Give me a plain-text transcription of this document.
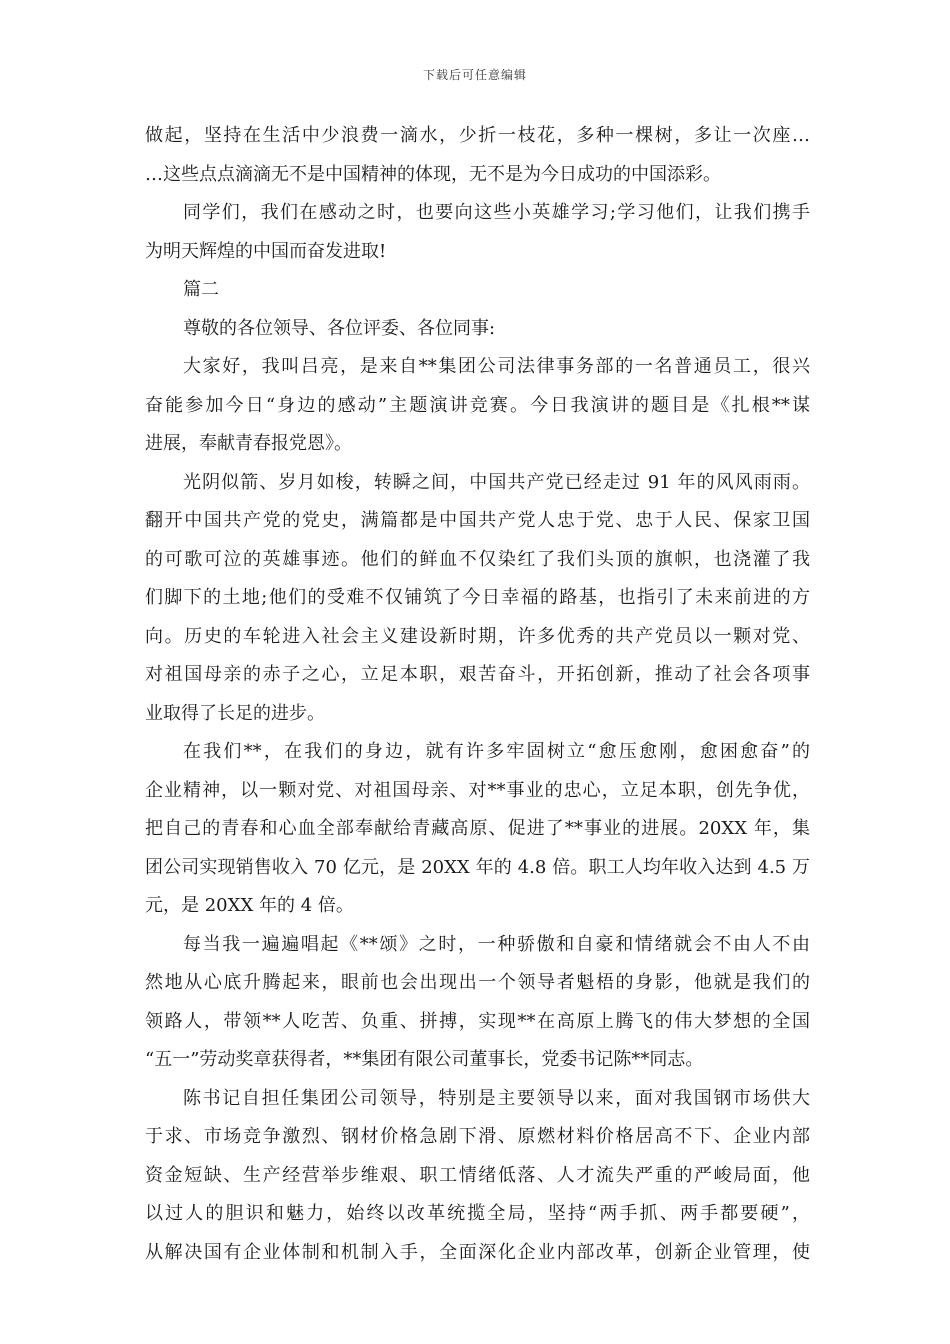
下载后可任意编辑
做起，坚持在生活中少浪费一滴水，少折一枝花，多种一棵树，多让一次座…
…这些点点滴滴无不是中国精神的体现，无不是为今日成功的中国添彩。
同学们，我们在感动之时，也要向这些小英雄学习;学习他们，让我们携手
为明天辉煌的中国而奋发进取!
篇二
尊敬的各位领导、各位评委、各位同事:
大家好，我叫吕亮，是来自**集团公司法律事务部的一名普通员工，很兴
奋能参加今日“身边的感动”主题演讲竞赛。今日我演讲的题目是《扎根**谋
进展，奉献青春报党恩》。
光阴似箭、岁月如梭，转瞬之间，中国共产党已经走过 91 年的风风雨雨。
翻开中国共产党的党史，满篇都是中国共产党人忠于党、忠于人民、保家卫国
的可歌可泣的英雄事迹。他们的鲜血不仅染红了我们头顶的旗帜，也浇灌了我
们脚下的土地;他们的受难不仅铺筑了今日幸福的路基，也指引了未来前进的方
向。历史的车轮进入社会主义建设新时期，许多优秀的共产党员以一颗对党、
对祖国母亲的赤子之心，立足本职，艰苦奋斗，开拓创新，推动了社会各项事
业取得了长足的进步。
在我们**，在我们的身边，就有许多牢固树立“愈压愈刚，愈困愈奋”的
企业精神，以一颗对党、对祖国母亲、对**事业的忠心，立足本职，创先争优，
把自己的青春和心血全部奉献给青藏高原、促进了**事业的进展。20XX 年，集
团公司实现销售收入 70 亿元，是 20XX 年的 4.8 倍。职工人均年收入达到 4.5 万
元，是 20XX 年的 4 倍。
每当我一遍遍唱起《**颂》之时，一种骄傲和自豪和情绪就会不由人不由
然地从心底升腾起来，眼前也会出现出一个领导者魁梧的身影，他就是我们的
领路人，带领**人吃苦、负重、拼搏，实现**在高原上腾飞的伟大梦想的全国
“五一”劳动奖章获得者，**集团有限公司董事长，党委书记陈**同志。
陈书记自担任集团公司领导，特别是主要领导以来，面对我国钢市场供大
于求、市场竞争激烈、钢材价格急剧下滑、原燃材料价格居高不下、企业内部
资金短缺、生产经营举步维艰、职工情绪低落、人才流失严重的严峻局面，他
以过人的胆识和魅力，始终以改革统揽全局，坚持“两手抓、两手都要硬”，
从解决国有企业体制和机制入手，全面深化企业内部改革，创新企业管理，使
